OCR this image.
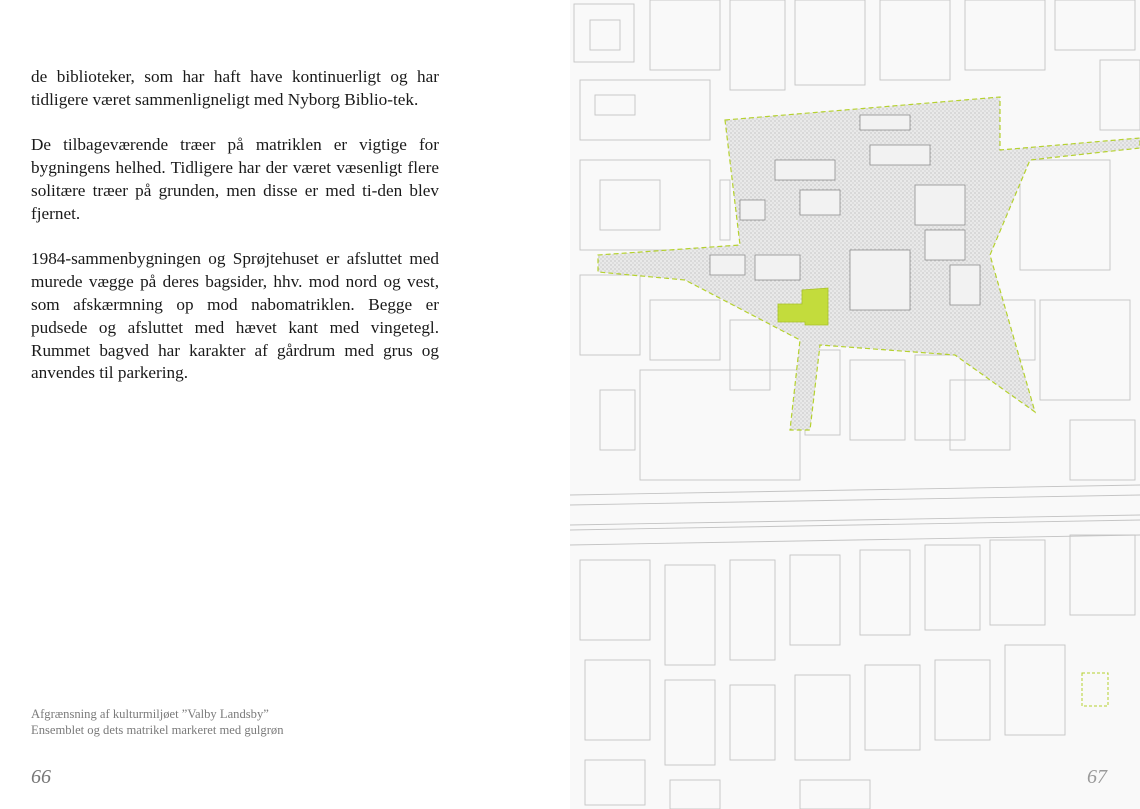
de biblioteker, som har haft have kontinuerligt og har tidligere været sammenligneligt med Nyborg Biblio-tek.

De tilbageværende træer på matriklen er vigtige for bygningens helhed. Tidligere har der været væsenligt flere solitære træer på grunden, men disse er med ti-den blev fjernet.

1984-sammenbygningen og Sprøjtehuset er afsluttet med murede vægge på deres bagsider, hhv. mod nord og vest, som afskærmning op mod nabomatriklen. Begge er pudsede og afsluttet med hævet kant med vingetegl. Rummet bagved har karakter af gårdrum med grus og anvendes til parkering.

Afgrænsning af kulturmiljøet ”Valby Landsby”
Ensemblet og dets matrikel markeret med gulgrøn
66	67
